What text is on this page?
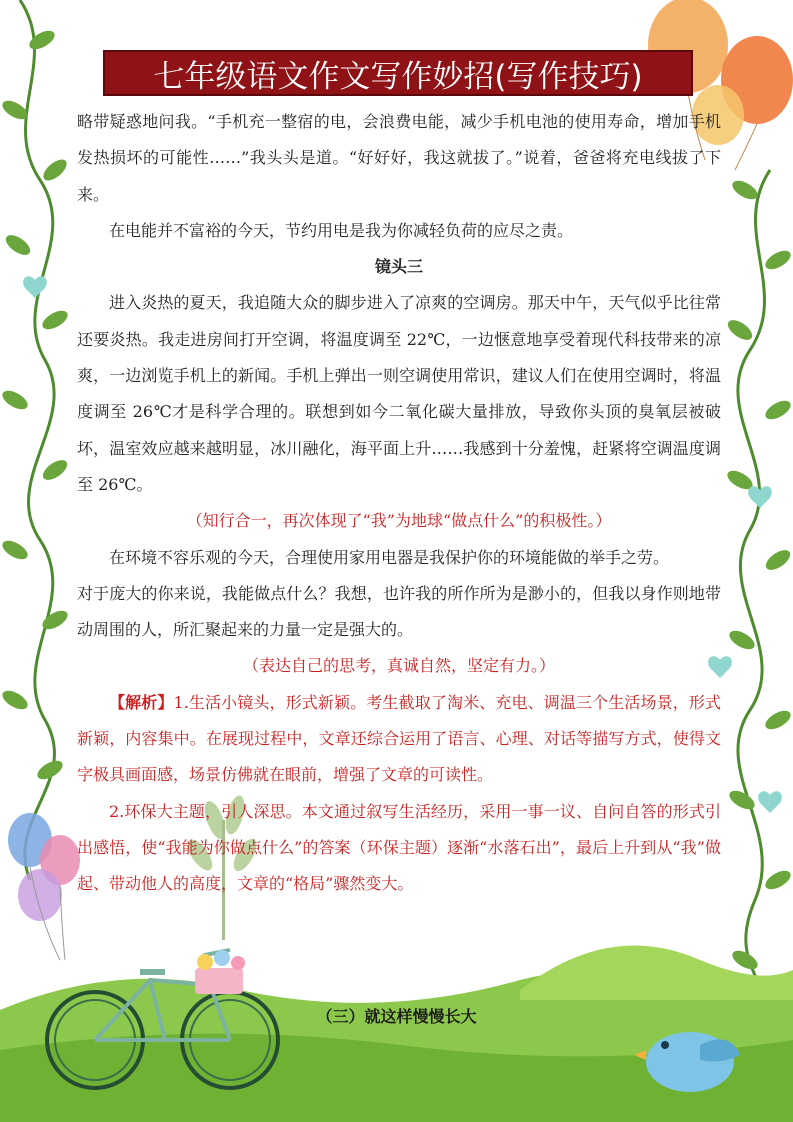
七年级语文作文写作妙招(写作技巧)

略带疑惑地问我。“手机充一整宿的电，会浪费电能，减少手机电池的使用寿命，增加手机发热损坏的可能性……”我头头是道。“好好好，我这就拔了。”说着，爸爸将充电线拔了下来。

在电能并不富裕的今天，节约用电是我为你减轻负荷的应尽之责。

镜头三

进入炎热的夏天，我追随大众的脚步进入了凉爽的空调房。那天中午，天气似乎比往常还要炎热。我走进房间打开空调，将温度调至 22℃，一边惬意地享受着现代科技带来的凉爽，一边浏览手机上的新闻。手机上弹出一则空调使用常识，建议人们在使用空调时，将温度调至 26℃才是科学合理的。联想到如今二氧化碳大量排放，导致你头顶的臭氧层被破坏，温室效应越来越明显，冰川融化，海平面上升……我感到十分羞愧，赶紧将空调温度调至 26℃。

（知行合一，再次体现了“我”为地球“做点什么”的积极性。）

在环境不容乐观的今天，合理使用家用电器是我保护你的环境能做的举手之劳。

对于庞大的你来说，我能做点什么？我想，也许我的所作所为是渺小的，但我以身作则地带动周围的人，所汇聚起来的力量一定是强大的。

（表达自己的思考，真诚自然，坚定有力。）

【解析】1.生活小镜头，形式新颖。考生截取了淘米、充电、调温三个生活场景，形式新颖，内容集中。在展现过程中，文章还综合运用了语言、心理、对话等描写方式，使得文字极具画面感，场景仿佛就在眼前，增强了文章的可读性。

2.环保大主题，引人深思。本文通过叙写生活经历，采用一事一议、自问自答的形式引出感悟，使“我能为你做点什么”的答案（环保主题）逐渐“水落石出”，最后上升到从“我”做起、带动他人的高度，文章的“格局”骤然变大。

（三）就这样慢慢长大
